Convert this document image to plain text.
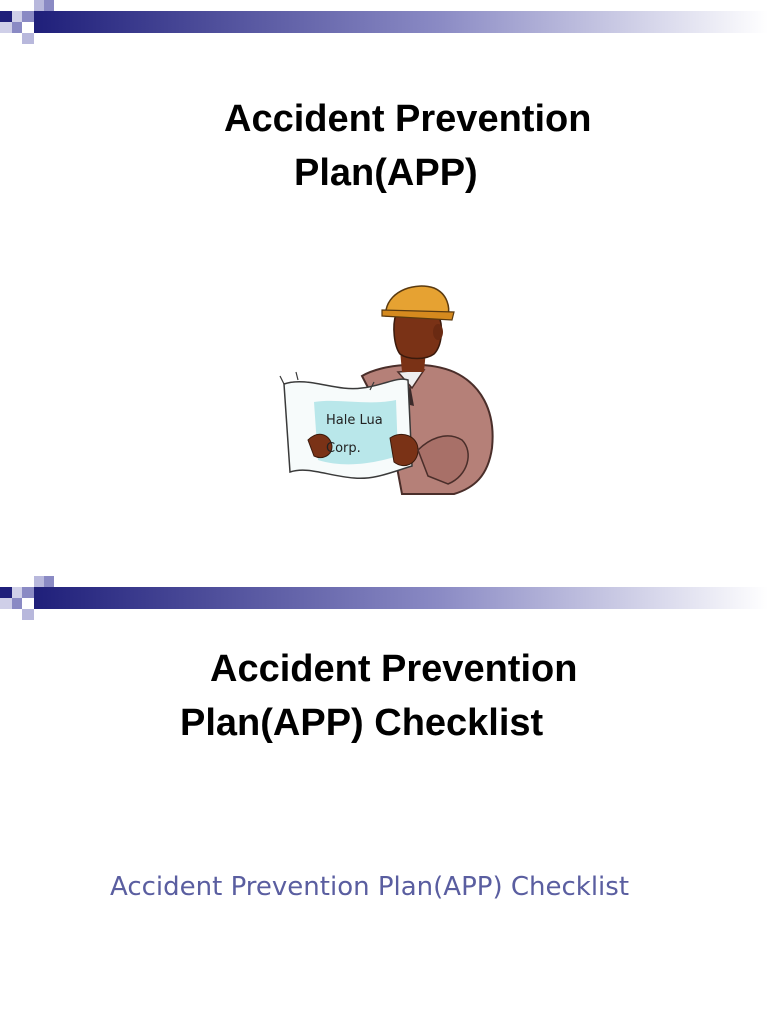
Accident Prevention
Plan(APP)
Hale Lua
Corp.
Accident Prevention
Plan(APP) Checklist
Accident Prevention Plan(APP) Checklist
